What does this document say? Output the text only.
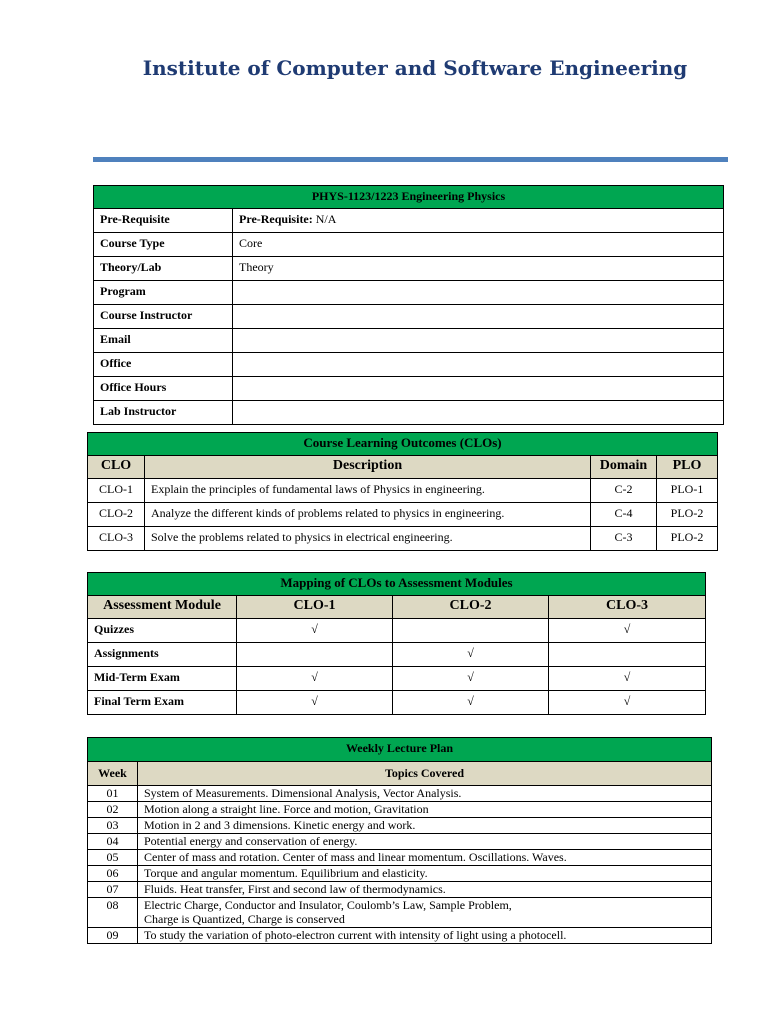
Institute of Computer and Software Engineering
PHYS-1123/1223 Engineering Physics	
Pre-Requisite	Pre-Requisite: N/A
Course Type	Core
Theory/Lab	Theory
Program	
Course Instructor	
Email	
Office	
Office Hours	
Lab Instructor	
Course Learning Outcomes (CLOs)			
CLO	Description	Domain	PLO
CLO-1	Explain the principles of fundamental laws of Physics in engineering.	C-2	PLO-1
CLO-2	Analyze the different kinds of problems related to physics in engineering.	C-4	PLO-2
CLO-3	Solve the problems related to physics in electrical engineering.	C-3	PLO-2
Mapping of CLOs to Assessment Modules			
Assessment Module	CLO-1	CLO-2	CLO-3
Quizzes	√		√
Assignments		√	
Mid-Term Exam	√	√	√
Final Term Exam	√	√	√
Weekly Lecture Plan	
Week	Topics Covered
01	System of Measurements. Dimensional Analysis, Vector Analysis.
02	Motion along a straight line. Force and motion, Gravitation
03	Motion in 2 and 3 dimensions. Kinetic energy and work.
04	Potential energy and conservation of energy.
05	Center of mass and rotation. Center of mass and linear momentum. Oscillations. Waves.
06	Torque and angular momentum. Equilibrium and elasticity.
07	Fluids. Heat transfer, First and second law of thermodynamics.
08	Electric Charge, Conductor and Insulator, Coulomb’s Law, Sample Problem,
Charge is Quantized, Charge is conserved
09	To study the variation of photo-electron current with intensity of light using a photocell.
